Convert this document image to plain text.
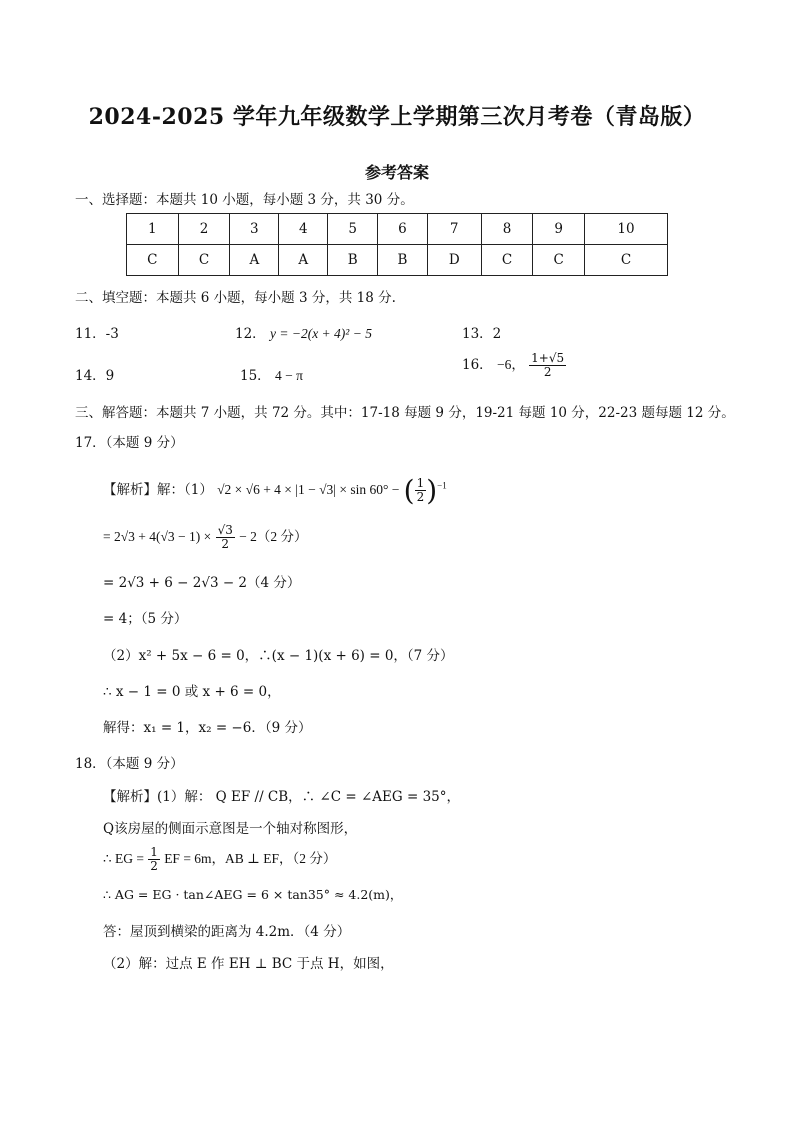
2024-2025 学年九年级数学上学期第三次月考卷（青岛版）
参考答案
一、选择题：本题共 10 小题，每小题 3 分，共 30 分。
1	2	3	4	5	6	7	8	9	10
C	C	A	A	B	B	D	C	C	C
二、填空题：本题共 6 小题，每小题 3 分，共 18 分.
11．-3	12． y = −2(x + 4)² − 5	13．2
14．9	15． 4 − π
16． −6， $\frac{1+√5}{2}$
三、解答题：本题共 7 小题，共 72 分。其中：17-18 每题 9 分，19-21 每题 10 分，22-23 题每题 12 分。
17．（本题 9 分）
【解析】解：（1） √2 × √6 + 4 × |1 − √3| × sin 60° − ( $\frac{1}{2} )^{-1}$
= $2√3 + 4(√3 - 1) \times \frac{√3}{2} - 2(2$ 分）
= 2√3 + 6 − 2√3 − 2（4 分）
= 4；（5 分）
（2）x² + 5x − 6 = 0，∴(x − 1)(x + 6) = 0，（7 分）
∴ x − 1 = 0 或 x + 6 = 0，
解得：x₁ = 1，x₂ = −6．（9 分）
18．（本题 9 分）
【解析】(1）解： Q EF // CB，∴ ∠C = ∠AEG = 35°，
Q该房屋的侧面示意图是一个轴对称图形，
∴ EG = $\frac{1}{2}$ EF = 6m，AB ⊥ EF，（2 分）
∴ AG = EG · tan∠AEG = 6 × tan35° ≈ 4.2(m)，
答：屋顶到横梁的距离为 4.2m．（4 分）
（2）解：过点 E 作 EH ⊥ BC 于点 H，如图，
